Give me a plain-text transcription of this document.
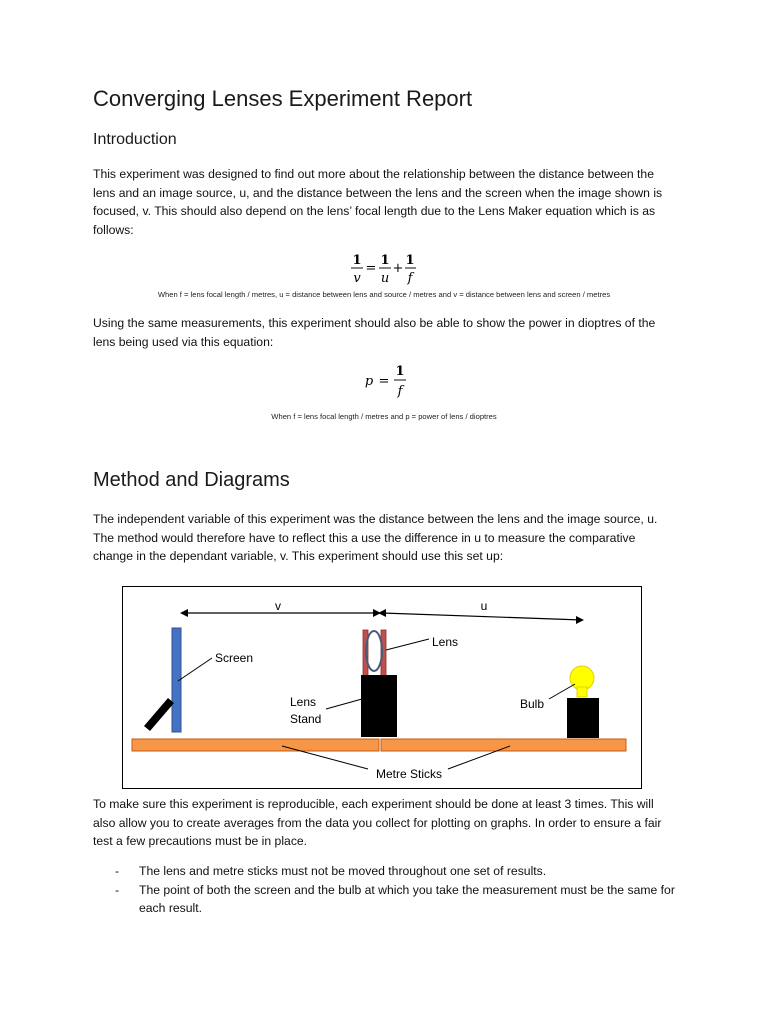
Converging Lenses Experiment Report
Introduction

This experiment was designed to find out more about the relationship between the distance between the lens and an image source, u, and the distance between the lens and the screen when the image shown is focused, v. This should also depend on the lens’ focal length due to the Lens Maker equation which is as follows:

1
v
=
1
u
+
1
f

When f = lens focal length / metres, u = distance between lens and source / metres and v = distance between lens and screen / metres

Using the same measurements, this experiment should also be able to show the power in dioptres of the lens being used via this equation:

p =
1
f

When f = lens focal length / metres and p = power of lens / dioptres

Method and Diagrams

The independent variable of this experiment was the distance between the lens and the image source, u. The method would therefore have to reflect this a use the difference in u to measure the comparative change in the dependant variable, v. This experiment should use this set up:

v	u
Screen
Lens
Lens
Stand
Bulb
Metre Sticks

To make sure this experiment is reproducible, each experiment should be done at least 3 times. This will also allow you to create averages from the data you collect for plotting on graphs. In order to ensure a fair test a few precautions must be in place.

- The lens and metre sticks must not be moved throughout one set of results.
- The point of both the screen and the bulb at which you take the measurement must be the same for each result.
